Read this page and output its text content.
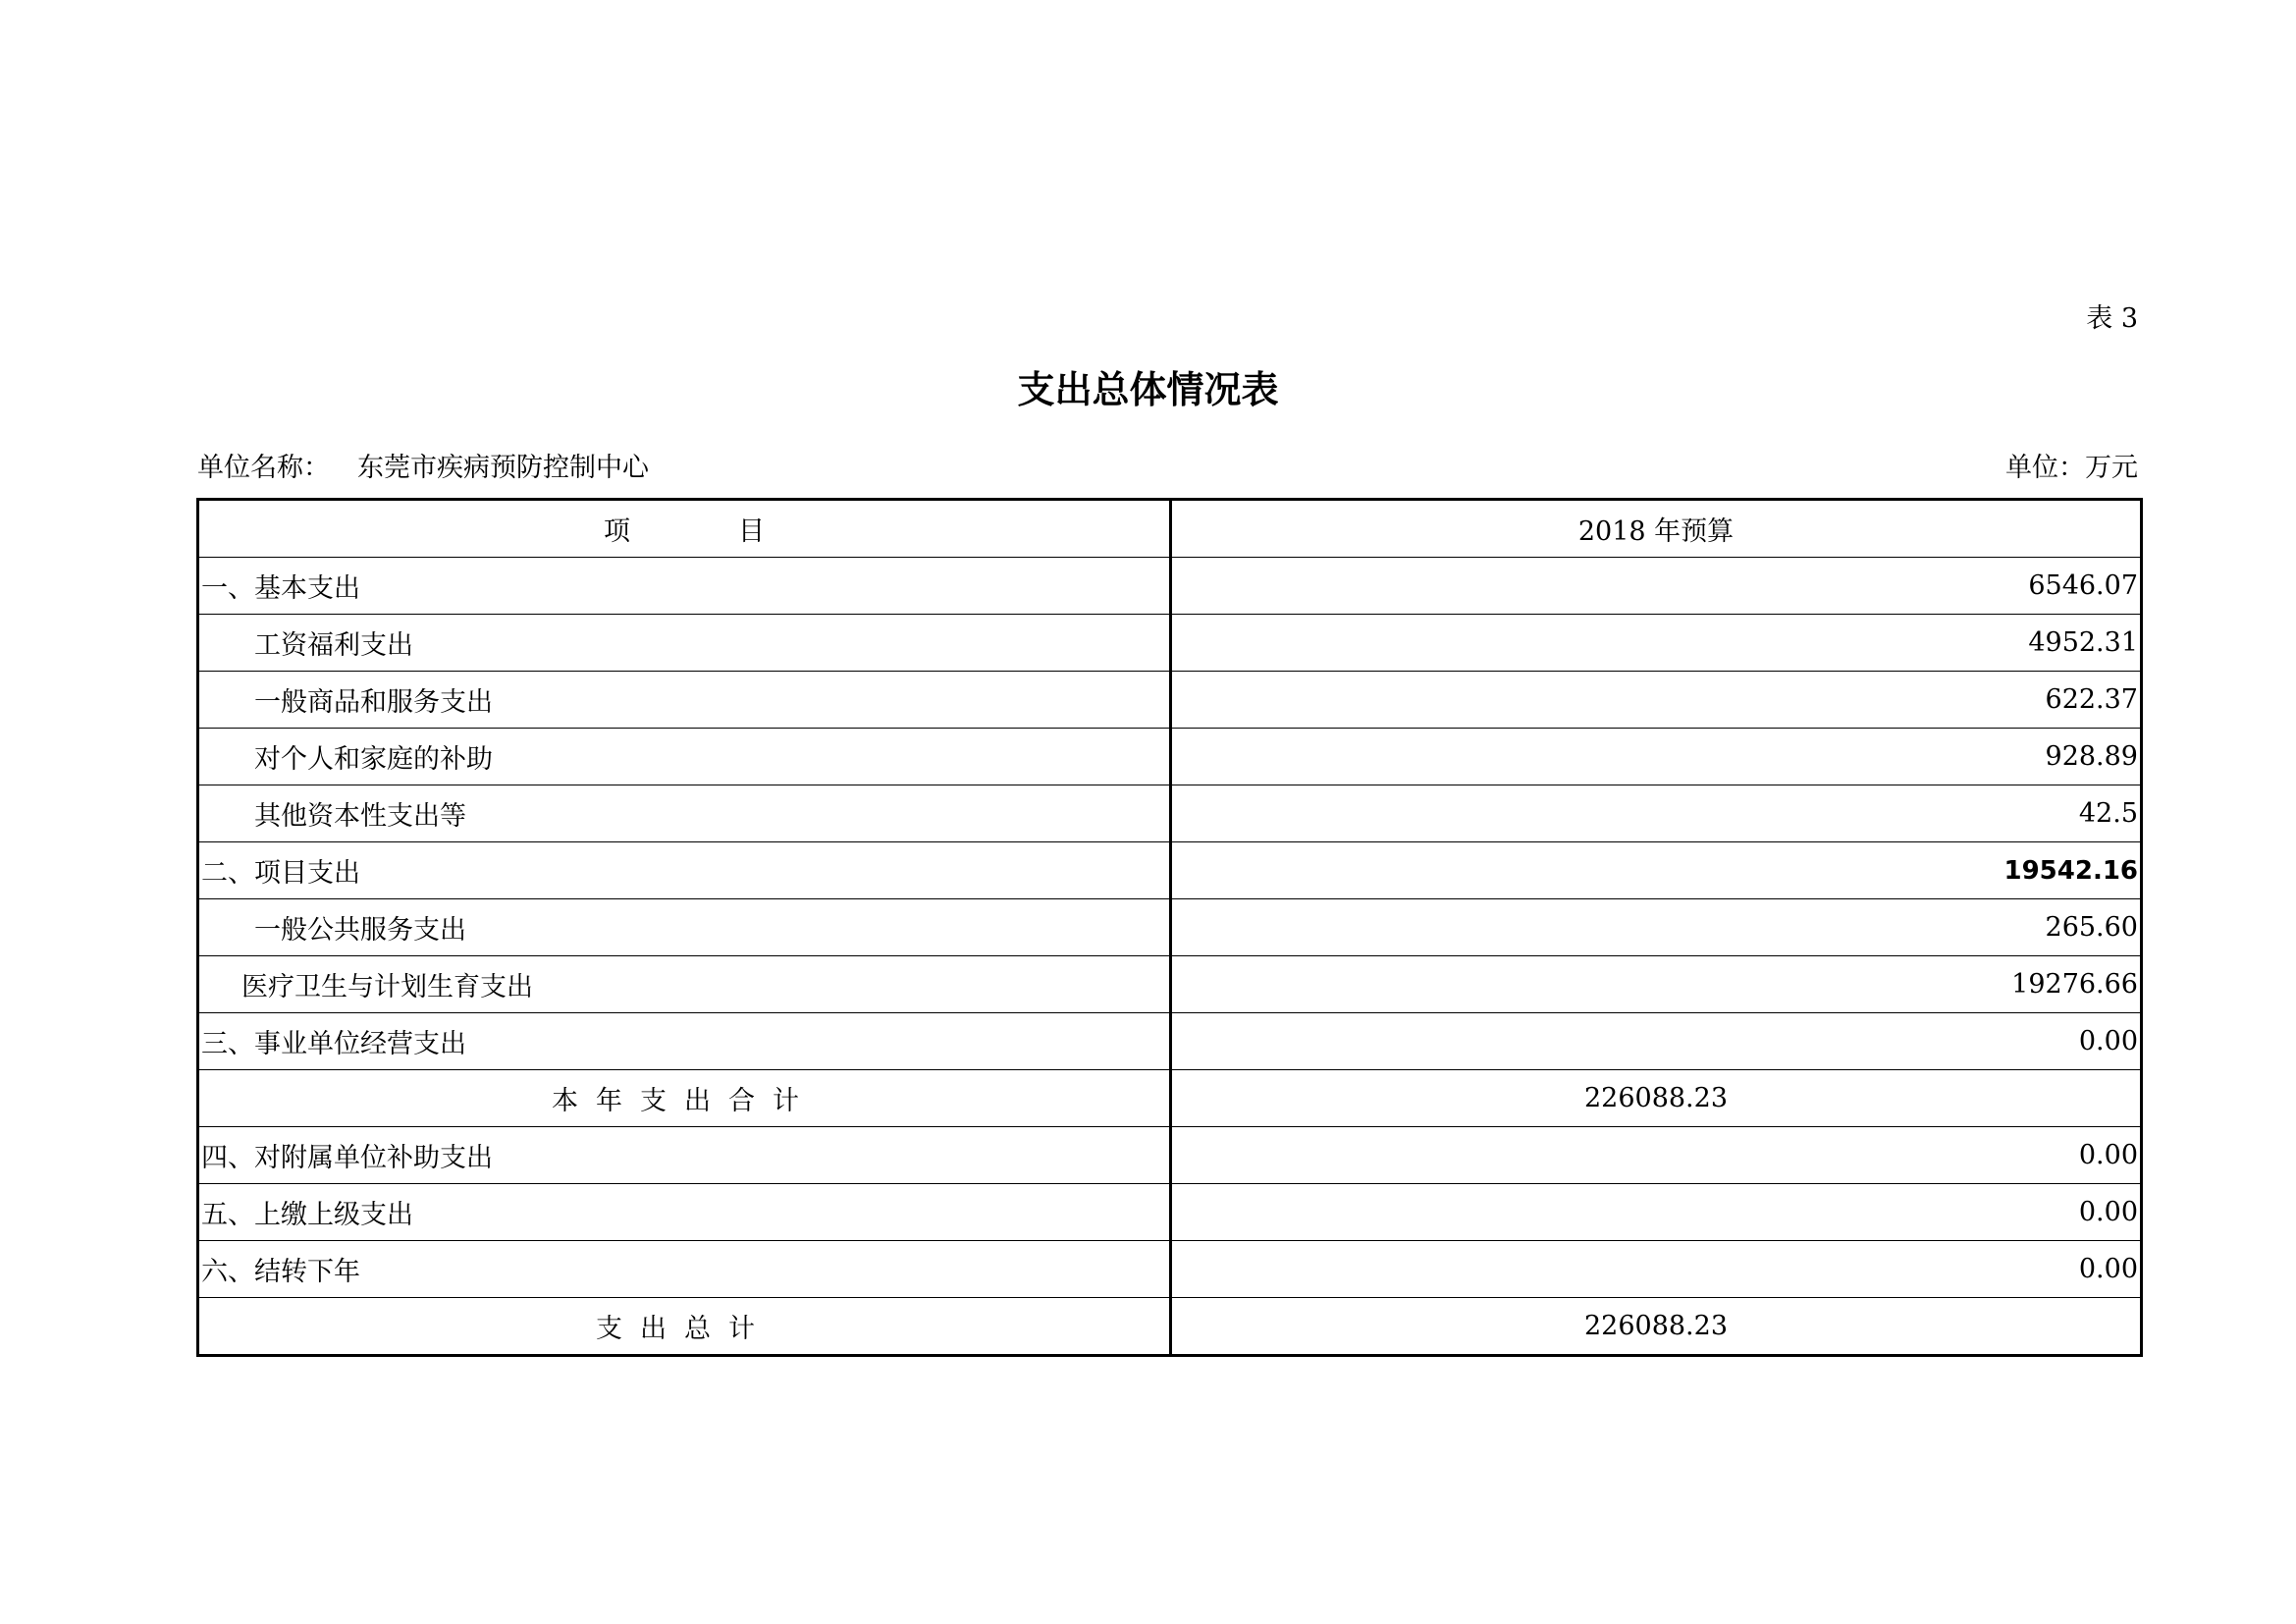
表 3
支出总体情况表
单位名称： 东莞市疾病预防控制中心	单位：万元
项 目	2018 年预算
一、基本支出	6546.07
工资福利支出	4952.31
一般商品和服务支出	622.37
对个人和家庭的补助	928.89
其他资本性支出等	42.5
二、项目支出	19542.16
一般公共服务支出	265.60
医疗卫生与计划生育支出	19276.66
三、事业单位经营支出	0.00
本年支出合计	226088.23
四、对附属单位补助支出	0.00
五、上缴上级支出	0.00
六、结转下年	0.00
支出总计	226088.23
